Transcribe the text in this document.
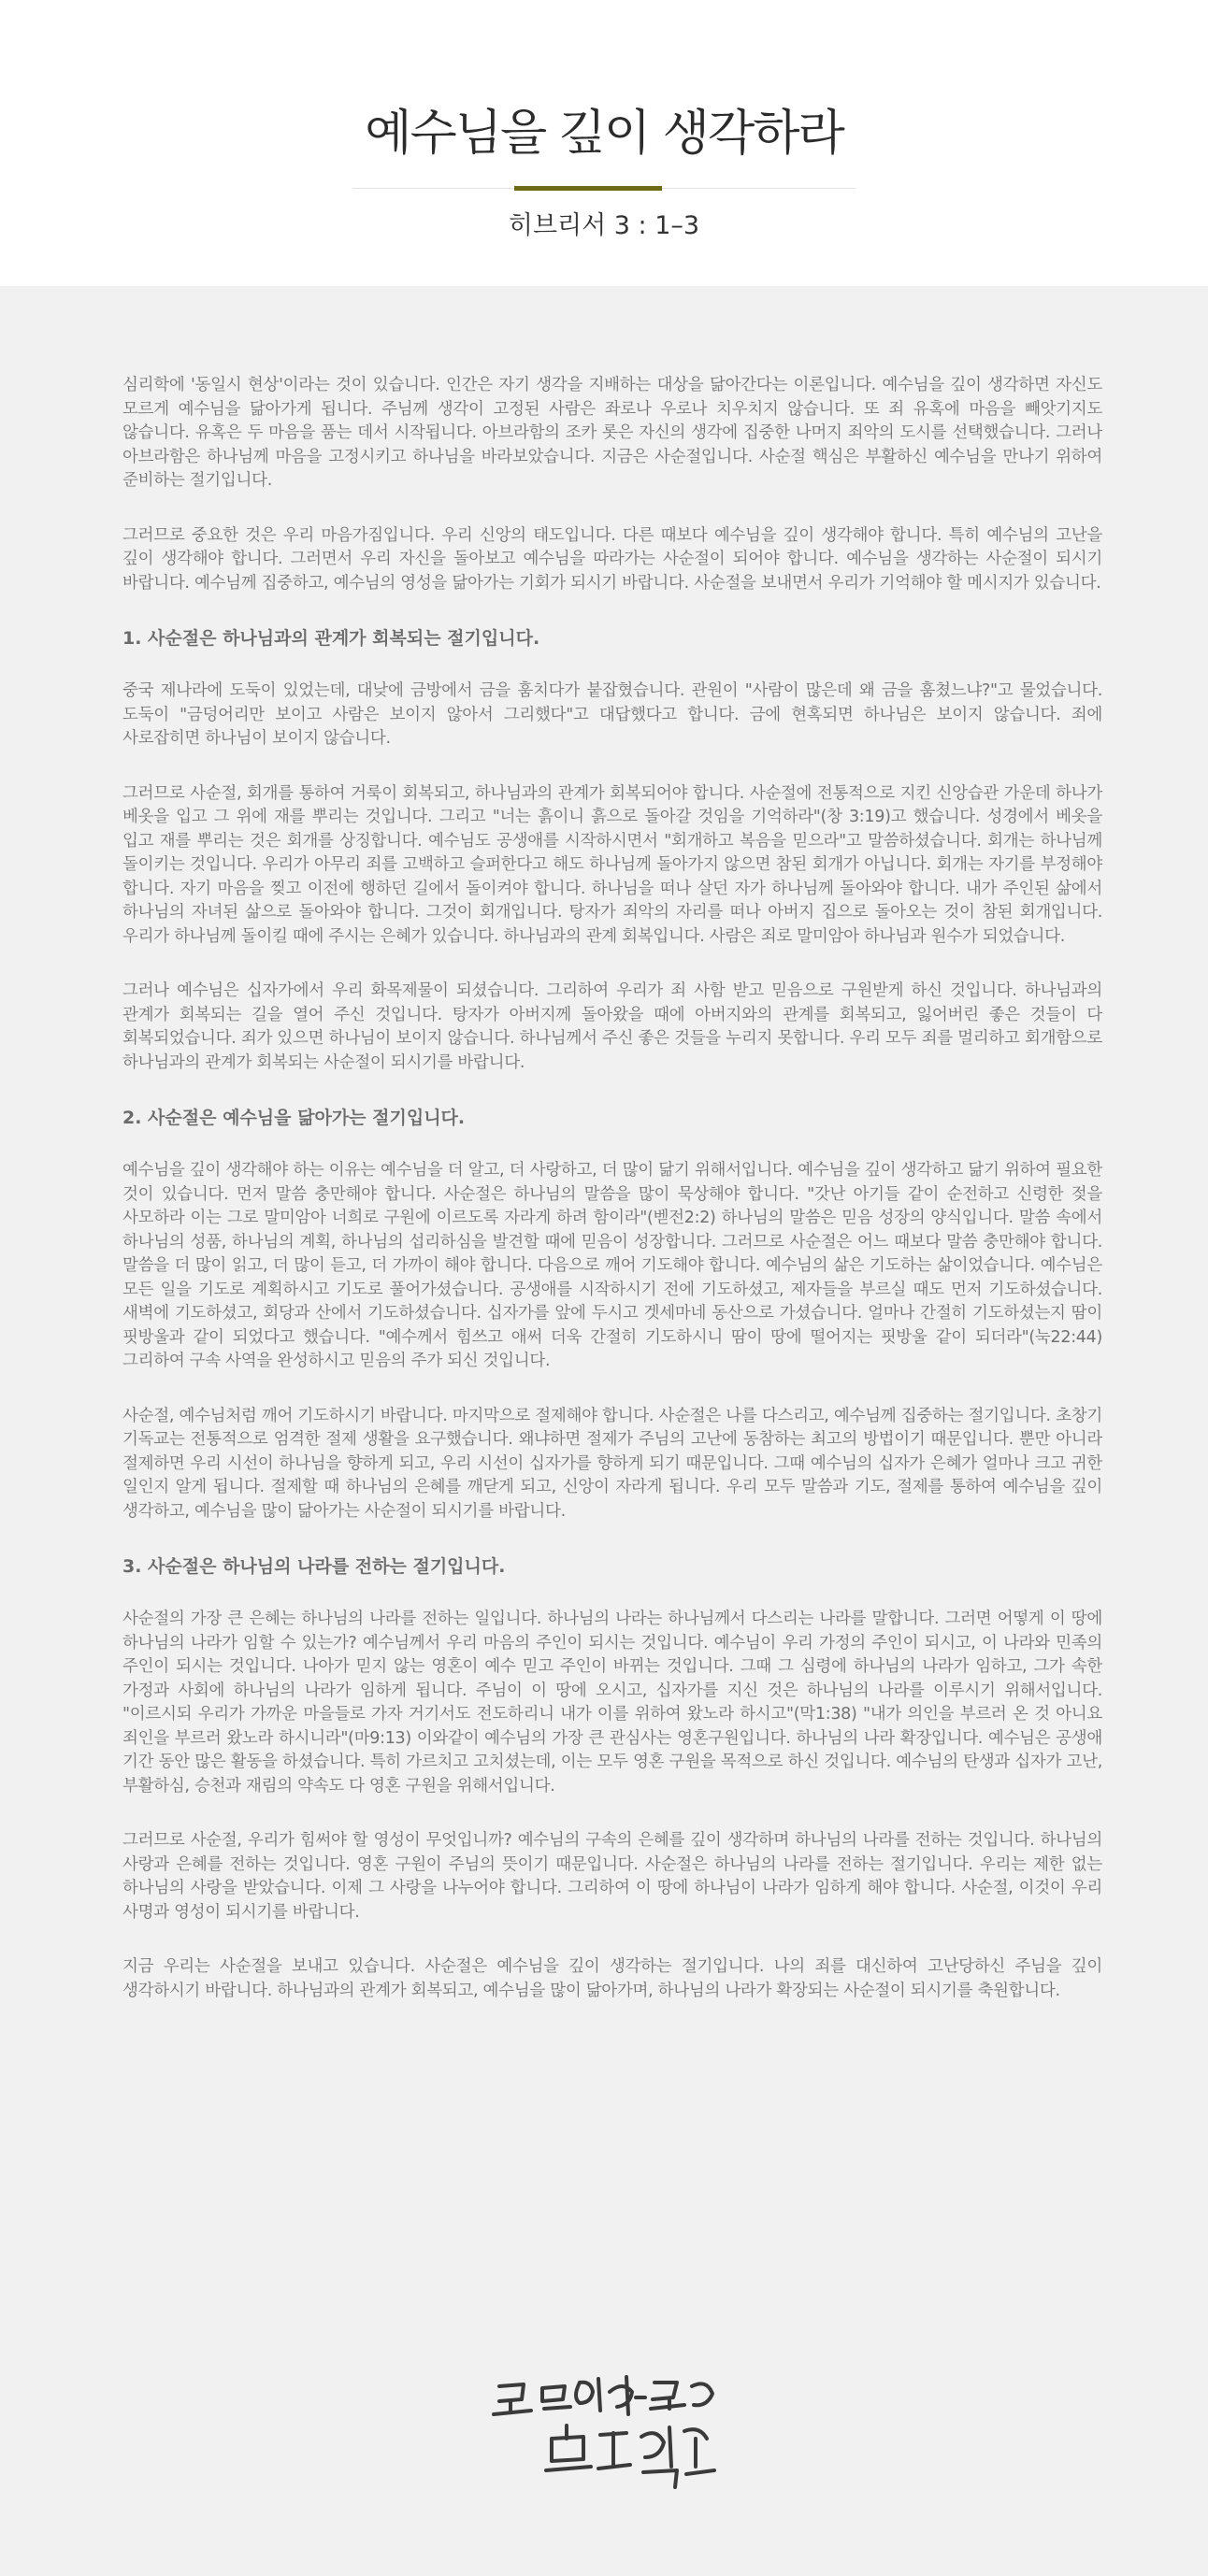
예수님을 깊이 생각하라
히브리서 3 : 1–3

심리학에 '동일시 현상'이라는 것이 있습니다. 인간은 자기 생각을 지배하는 대상을 닮아간다는 이론입니다. 예수님을 깊이 생각하면 자신도 모르게 예수님을 닮아가게 됩니다. 주님께 생각이 고정된 사람은 좌로나 우로나 치우치지 않습니다. 또 죄 유혹에 마음을 빼앗기지도 않습니다. 유혹은 두 마음을 품는 데서 시작됩니다. 아브라함의 조카 롯은 자신의 생각에 집중한 나머지 죄악의 도시를 선택했습니다. 그러나 아브라함은 하나님께 마음을 고정시키고 하나님을 바라보았습니다. 지금은 사순절입니다. 사순절 핵심은 부활하신 예수님을 만나기 위하여 준비하는 절기입니다.

그러므로 중요한 것은 우리 마음가짐입니다. 우리 신앙의 태도입니다. 다른 때보다 예수님을 깊이 생각해야 합니다. 특히 예수님의 고난을 깊이 생각해야 합니다. 그러면서 우리 자신을 돌아보고 예수님을 따라가는 사순절이 되어야 합니다. 예수님을 생각하는 사순절이 되시기 바랍니다. 예수님께 집중하고, 예수님의 영성을 닮아가는 기회가 되시기 바랍니다. 사순절을 보내면서 우리가 기억해야 할 메시지가 있습니다.

1. 사순절은 하나님과의 관계가 회복되는 절기입니다.

중국 제나라에 도둑이 있었는데, 대낮에 금방에서 금을 훔치다가 붙잡혔습니다. 관원이 "사람이 많은데 왜 금을 훔쳤느냐?"고 물었습니다. 도둑이 "금덩어리만 보이고 사람은 보이지 않아서 그리했다"고 대답했다고 합니다. 금에 현혹되면 하나님은 보이지 않습니다. 죄에 사로잡히면 하나님이 보이지 않습니다.

그러므로 사순절, 회개를 통하여 거룩이 회복되고, 하나님과의 관계가 회복되어야 합니다. 사순절에 전통적으로 지킨 신앙습관 가운데 하나가 베옷을 입고 그 위에 재를 뿌리는 것입니다. 그리고 "너는 흙이니 흙으로 돌아갈 것임을 기억하라"(창 3:19)고 했습니다. 성경에서 베옷을 입고 재를 뿌리는 것은 회개를 상징합니다. 예수님도 공생애를 시작하시면서 "회개하고 복음을 믿으라"고 말씀하셨습니다. 회개는 하나님께 돌이키는 것입니다. 우리가 아무리 죄를 고백하고 슬퍼한다고 해도 하나님께 돌아가지 않으면 참된 회개가 아닙니다. 회개는 자기를 부정해야 합니다. 자기 마음을 찢고 이전에 행하던 길에서 돌이켜야 합니다. 하나님을 떠나 살던 자가 하나님께 돌아와야 합니다. 내가 주인된 삶에서 하나님의 자녀된 삶으로 돌아와야 합니다. 그것이 회개입니다. 탕자가 죄악의 자리를 떠나 아버지 집으로 돌아오는 것이 참된 회개입니다. 우리가 하나님께 돌이킬 때에 주시는 은혜가 있습니다. 하나님과의 관계 회복입니다. 사람은 죄로 말미암아 하나님과 원수가 되었습니다.

그러나 예수님은 십자가에서 우리 화목제물이 되셨습니다. 그리하여 우리가 죄 사함 받고 믿음으로 구원받게 하신 것입니다. 하나님과의 관계가 회복되는 길을 열어 주신 것입니다. 탕자가 아버지께 돌아왔을 때에 아버지와의 관계를 회복되고, 잃어버린 좋은 것들이 다 회복되었습니다. 죄가 있으면 하나님이 보이지 않습니다. 하나님께서 주신 좋은 것들을 누리지 못합니다. 우리 모두 죄를 멀리하고 회개함으로 하나님과의 관계가 회복되는 사순절이 되시기를 바랍니다.

2. 사순절은 예수님을 닮아가는 절기입니다.

예수님을 깊이 생각해야 하는 이유는 예수님을 더 알고, 더 사랑하고, 더 많이 닮기 위해서입니다. 예수님을 깊이 생각하고 닮기 위하여 필요한 것이 있습니다. 먼저 말씀 충만해야 합니다. 사순절은 하나님의 말씀을 많이 묵상해야 합니다. "갓난 아기들 같이 순전하고 신령한 젖을 사모하라 이는 그로 말미암아 너희로 구원에 이르도록 자라게 하려 함이라"(벧전2:2) 하나님의 말씀은 믿음 성장의 양식입니다. 말씀 속에서 하나님의 성품, 하나님의 계획, 하나님의 섭리하심을 발견할 때에 믿음이 성장합니다. 그러므로 사순절은 어느 때보다 말씀 충만해야 합니다. 말씀을 더 많이 읽고, 더 많이 듣고, 더 가까이 해야 합니다. 다음으로 깨어 기도해야 합니다. 예수님의 삶은 기도하는 삶이었습니다. 예수님은 모든 일을 기도로 계획하시고 기도로 풀어가셨습니다. 공생애를 시작하시기 전에 기도하셨고, 제자들을 부르실 때도 먼저 기도하셨습니다. 새벽에 기도하셨고, 회당과 산에서 기도하셨습니다. 십자가를 앞에 두시고 겟세마네 동산으로 가셨습니다. 얼마나 간절히 기도하셨는지 땀이 핏방울과 같이 되었다고 했습니다. "예수께서 힘쓰고 애써 더욱 간절히 기도하시니 땀이 땅에 떨어지는 핏방울 같이 되더라"(눅22:44) 그리하여 구속 사역을 완성하시고 믿음의 주가 되신 것입니다.

사순절, 예수님처럼 깨어 기도하시기 바랍니다. 마지막으로 절제해야 합니다. 사순절은 나를 다스리고, 예수님께 집중하는 절기입니다. 초창기 기독교는 전통적으로 엄격한 절제 생활을 요구했습니다. 왜냐하면 절제가 주님의 고난에 동참하는 최고의 방법이기 때문입니다. 뿐만 아니라 절제하면 우리 시선이 하나님을 향하게 되고, 우리 시선이 십자가를 향하게 되기 때문입니다. 그때 예수님의 십자가 은혜가 얼마나 크고 귀한 일인지 알게 됩니다. 절제할 때 하나님의 은혜를 깨닫게 되고, 신앙이 자라게 됩니다. 우리 모두 말씀과 기도, 절제를 통하여 예수님을 깊이 생각하고, 예수님을 많이 닮아가는 사순절이 되시기를 바랍니다.

3. 사순절은 하나님의 나라를 전하는 절기입니다.

사순절의 가장 큰 은혜는 하나님의 나라를 전하는 일입니다. 하나님의 나라는 하나님께서 다스리는 나라를 말합니다. 그러면 어떻게 이 땅에 하나님의 나라가 임할 수 있는가? 예수님께서 우리 마음의 주인이 되시는 것입니다. 예수님이 우리 가정의 주인이 되시고, 이 나라와 민족의 주인이 되시는 것입니다. 나아가 믿지 않는 영혼이 예수 믿고 주인이 바뀌는 것입니다. 그때 그 심령에 하나님의 나라가 임하고, 그가 속한 가정과 사회에 하나님의 나라가 임하게 됩니다. 주님이 이 땅에 오시고, 십자가를 지신 것은 하나님의 나라를 이루시기 위해서입니다. "이르시되 우리가 가까운 마을들로 가자 거기서도 전도하리니 내가 이를 위하여 왔노라 하시고"(막1:38) "내가 의인을 부르러 온 것 아니요 죄인을 부르러 왔노라 하시니라"(마9:13) 이와같이 예수님의 가장 큰 관심사는 영혼구원입니다. 하나님의 나라 확장입니다. 예수님은 공생애 기간 동안 많은 활동을 하셨습니다. 특히 가르치고 고치셨는데, 이는 모두 영혼 구원을 목적으로 하신 것입니다. 예수님의 탄생과 십자가 고난, 부활하심, 승천과 재림의 약속도 다 영혼 구원을 위해서입니다.

그러므로 사순절, 우리가 힘써야 할 영성이 무엇입니까? 예수님의 구속의 은혜를 깊이 생각하며 하나님의 나라를 전하는 것입니다. 하나님의 사랑과 은혜를 전하는 것입니다. 영혼 구원이 주님의 뜻이기 때문입니다. 사순절은 하나님의 나라를 전하는 절기입니다. 우리는 제한 없는 하나님의 사랑을 받았습니다. 이제 그 사랑을 나누어야 합니다. 그리하여 이 땅에 하나님이 나라가 임하게 해야 합니다. 사순절, 이것이 우리 사명과 영성이 되시기를 바랍니다.

지금 우리는 사순절을 보내고 있습니다. 사순절은 예수님을 깊이 생각하는 절기입니다. 나의 죄를 대신하여 고난당하신 주님을 깊이 생각하시기 바랍니다. 하나님과의 관계가 회복되고, 예수님을 많이 닮아가며, 하나님의 나라가 확장되는 사순절이 되시기를 축원합니다.
